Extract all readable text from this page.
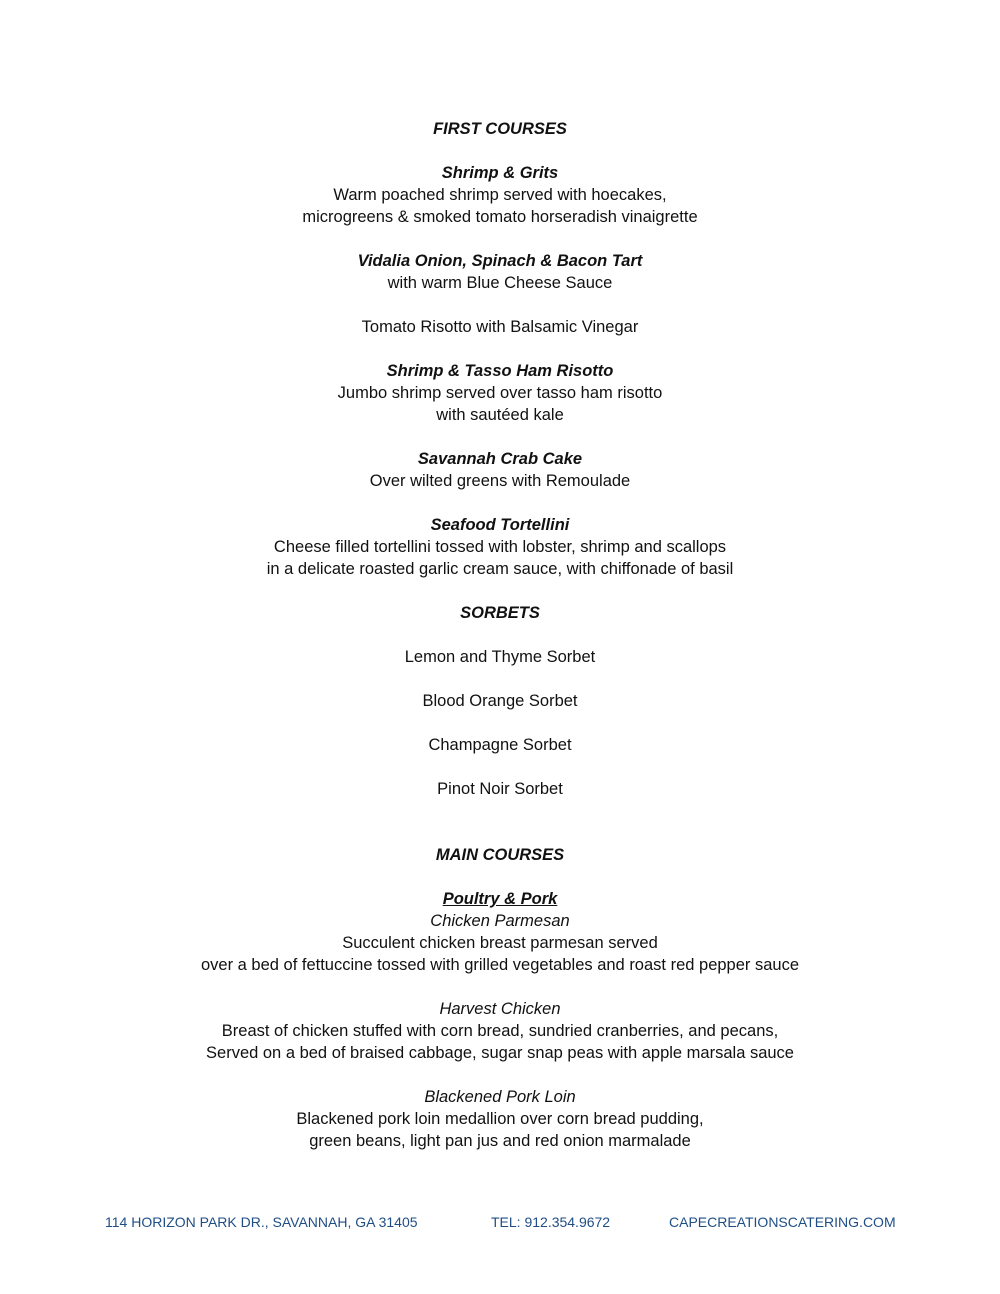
FIRST COURSES
Shrimp & Grits
Warm poached shrimp served with hoecakes,
microgreens & smoked tomato horseradish vinaigrette
Vidalia Onion, Spinach & Bacon Tart
with warm Blue Cheese Sauce
Tomato Risotto with Balsamic Vinegar
Shrimp & Tasso Ham Risotto
Jumbo shrimp served over tasso ham risotto
with sautéed kale
Savannah Crab Cake
Over wilted greens with Remoulade
Seafood Tortellini
Cheese filled tortellini tossed with lobster, shrimp and scallops
in a delicate roasted garlic cream sauce, with chiffonade of basil
SORBETS
Lemon and Thyme Sorbet
Blood Orange Sorbet
Champagne Sorbet
Pinot Noir Sorbet
MAIN COURSES
Poultry & Pork
Chicken Parmesan
Succulent chicken breast parmesan served
over a bed of fettuccine tossed with grilled vegetables and roast red pepper sauce
Harvest Chicken
Breast of chicken stuffed with corn bread, sundried cranberries, and pecans,
Served on a bed of braised cabbage, sugar snap peas with apple marsala sauce
Blackened Pork Loin
Blackened pork loin medallion over corn bread pudding,
green beans, light pan jus and red onion marmalade
114 HORIZON PARK DR., SAVANNAH, GA 31405	TEL: 912.354.9672	CAPECREATIONSCATERING.COM
